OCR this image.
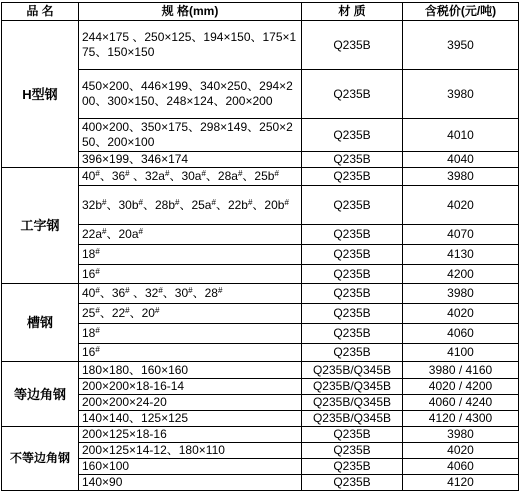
品 名	规 格(mm)	材 质	含税价(元/吨)
H型钢	244×175 、250×125、194×150、175×175、150×150	Q235B	3950
	450×200、446×199、340×250、294×200、300×150、248×124、200×200	Q235B	3980
	400×200、350×175、298×149、250×250、200×100	Q235B	4010
	396×199、346×174	Q235B	4040
工字钢	40#、36# 、32a#、30a#、28a#、25b#	Q235B	3980
	32b#、30b#、28b#、25a#、22b#、20b#	Q235B	4020
	22a#、20a#	Q235B	4070
	18#	Q235B	4130
	16#	Q235B	4200
槽钢	40#、36# 、32#、30#、28#	Q235B	3980
	25#、22#、20#	Q235B	4020
	18#	Q235B	4060
	16#	Q235B	4100
等边角钢	180×180、160×160	Q235B/Q345B	3980 / 4160
	200×200×18-16-14	Q235B/Q345B	4020 / 4200
	200×200×24-20	Q235B/Q345B	4060 / 4240
	140×140、125×125	Q235B/Q345B	4120 / 4300
不等边角钢	200×125×18-16	Q235B	3980
	200×125×14-12、180×110	Q235B	4020
	160×100	Q235B	4060
	140×90	Q235B	4120
